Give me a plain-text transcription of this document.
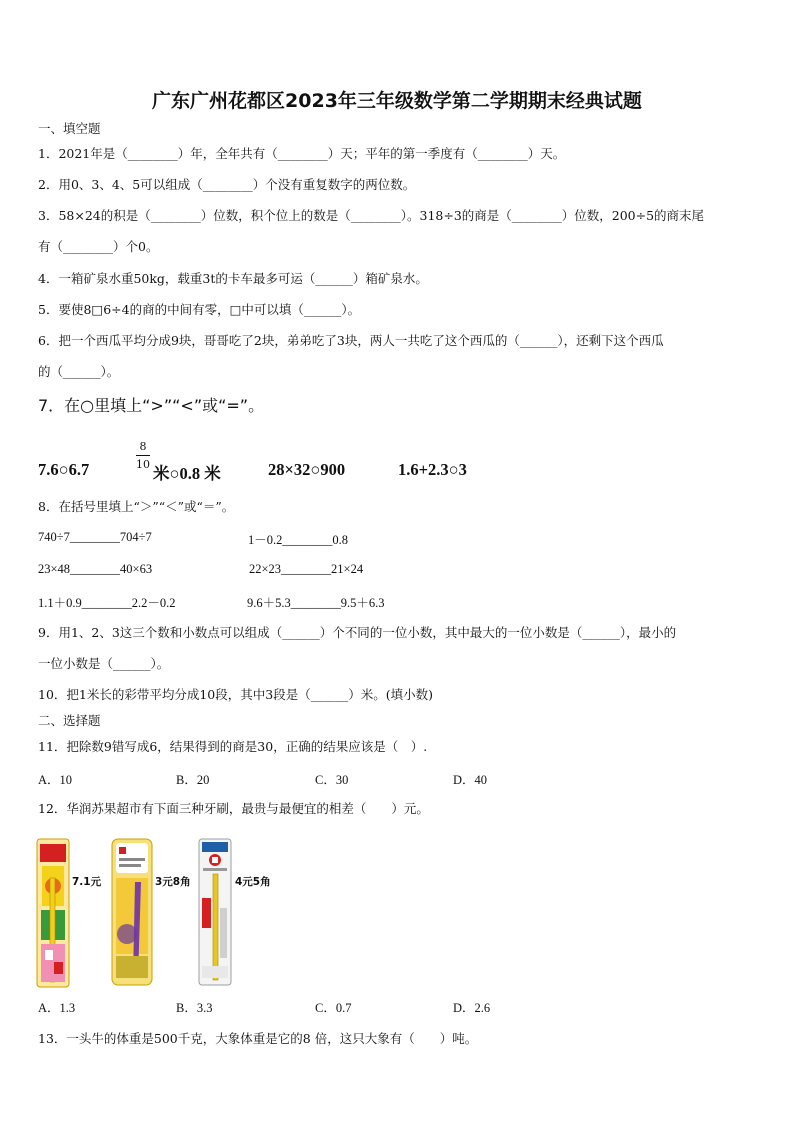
广东广州花都区2023年三年级数学第二学期期末经典试题
一、填空题
1．2021年是（________）年，全年共有（________）天；平年的第一季度有（________）天。
2．用0、3、4、5可以组成（________）个没有重复数字的两位数。
3．58×24的积是（________）位数，积个位上的数是（________）。318÷3的商是（________）位数，200÷5的商末尾
有（________）个0。
4．一箱矿泉水重50kg，载重3t的卡车最多可运（______）箱矿泉水。
5．要使8□6÷4的商的中间有零，□中可以填（______）。
6．把一个西瓜平均分成9块，哥哥吃了2块，弟弟吃了3块，两人一共吃了这个西瓜的（______），还剩下这个西瓜
的（______）。
7．在○里填上“>”“<”或“=”。
7.6○6.7
8
10 米○0.8 米	28×32○900	1.6+2.3○3
8．在括号里填上“＞”“＜”或“＝”。
740÷7________704÷7	1－0.2________0.8
23×48________40×63	22×23________21×24
1.1＋0.9________2.2－0.2	9.6＋5.3________9.5＋6.3
9．用1、2、3这三个数和小数点可以组成（______）个不同的一位小数，其中最大的一位小数是（______），最小的
一位小数是（______）。
10．把1米长的彩带平均分成10段，其中3段是（______）米。(填小数)
二、选择题
11．把除数9错写成6，结果得到的商是30，正确的结果应该是（　）.
A．10	B．20	C．30	D．40
12．华润苏果超市有下面三种牙刷，最贵与最便宜的相差（　　）元。
7.1元	3元8角	4元5角
A．1.3	B．3.3	C．0.7	D．2.6
13．一头牛的体重是500千克，大象体重是它的8 倍，这只大象有（　　）吨。
